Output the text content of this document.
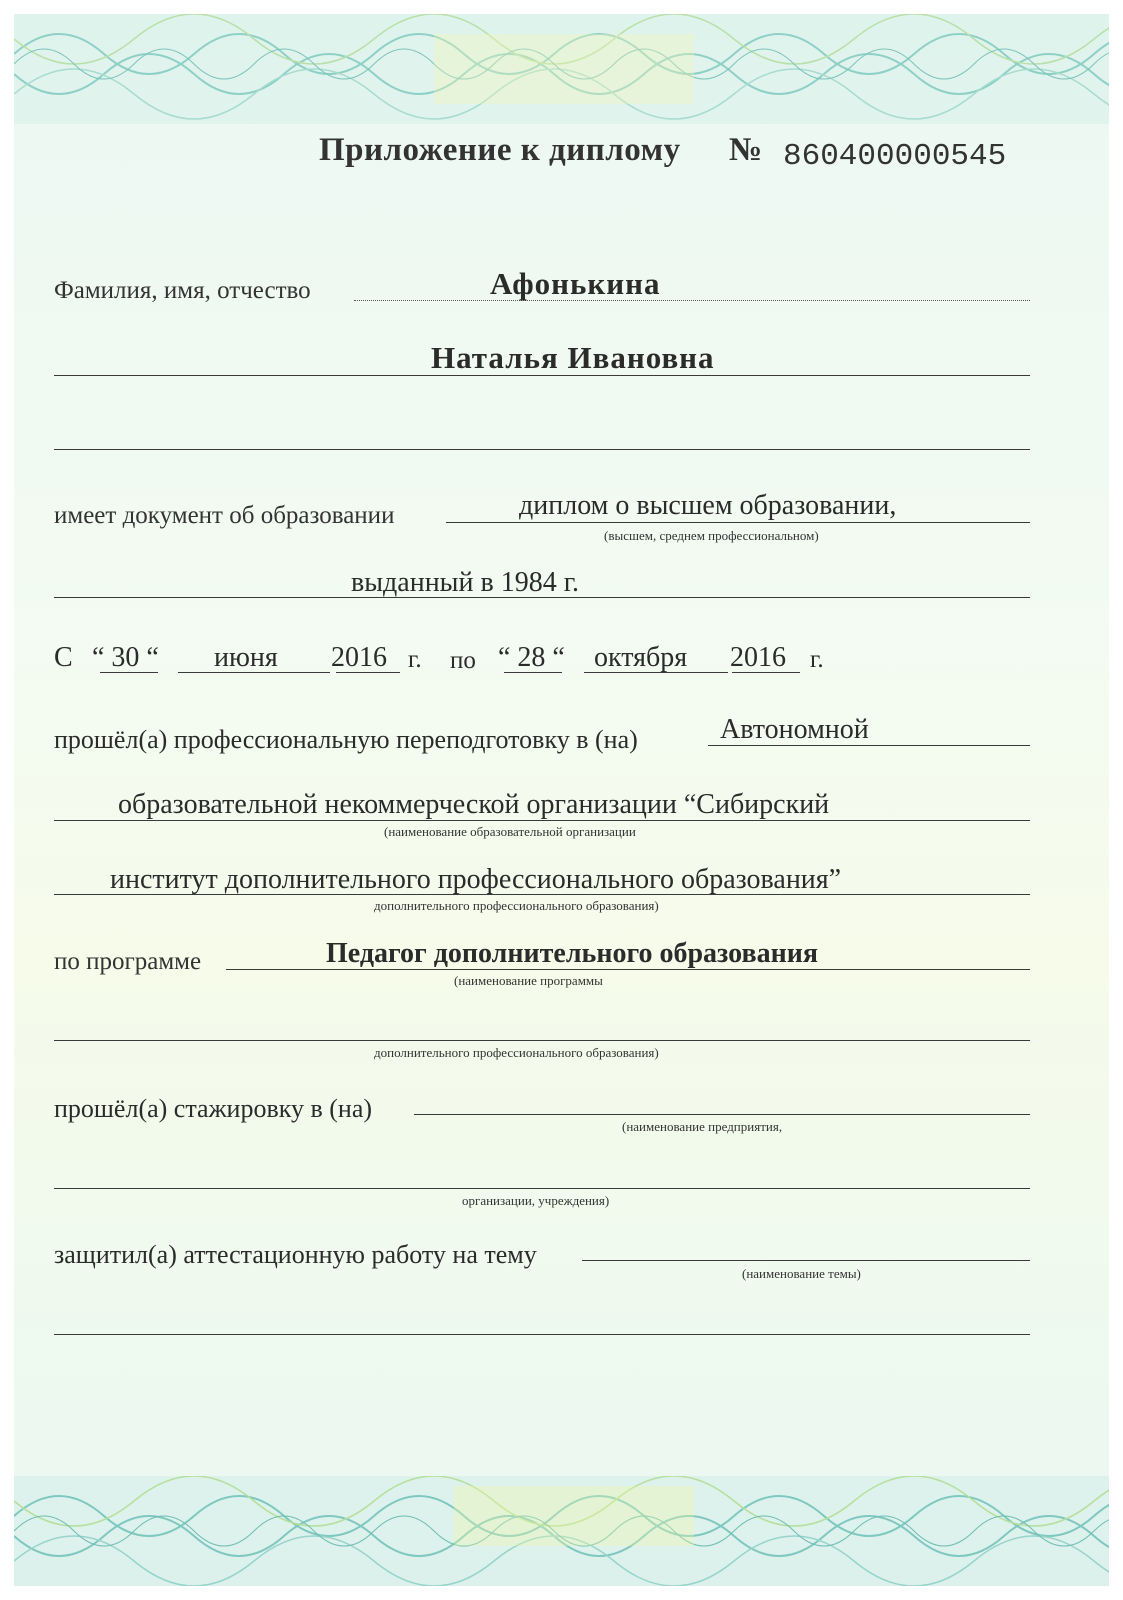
Приложение к диплому № 860400000545
Фамилия, имя, отчество	Афонькина
Наталья Ивановна
имеет документ об образовании	диплом о высшем образовании,
(высшем, среднем профессиональном)
выданный в 1984 г.
С “ 30 “ июня 2016 г. по “ 28 “ октября 2016 г.
прошёл(а) профессиональную переподготовку в (на)	Автономной
образовательной некоммерческой организации “Сибирский
(наименование образовательной организации
институт дополнительного профессионального образования”
дополнительного профессионального образования)
по программе	Педагог дополнительного образования
(наименование программы
дополнительного профессионального образования)
прошёл(а) стажировку в (на)
(наименование предприятия,
организации, учреждения)
защитил(а) аттестационную работу на тему
(наименование темы)
